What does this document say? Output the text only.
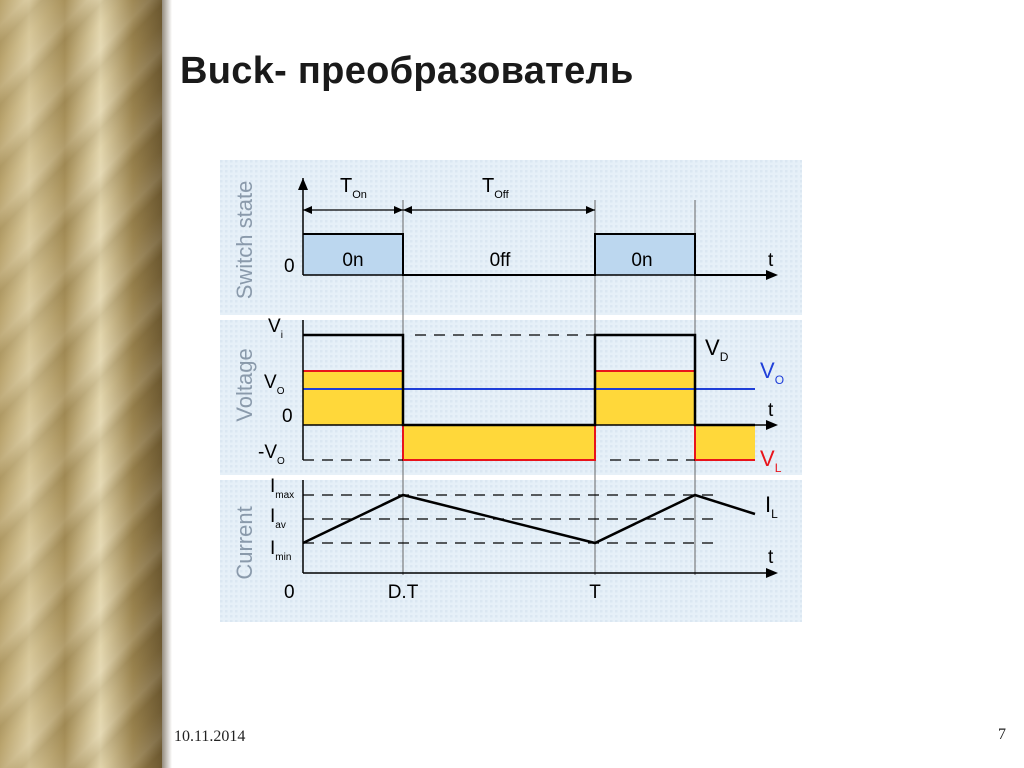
Buck- преобразователь
Switch state
Voltage
Current
$T_{On}$	$T_{Off}$
0n	0ff	0n
0	t
$V_i$
$V_O$
0
$-V_O$
$V_D$
$V_O$
t
$V_L$
$I_{max}$
$I_{av}$
$I_{min}$
$I_L$
t
0	D.T	T
10.11.2014	7
